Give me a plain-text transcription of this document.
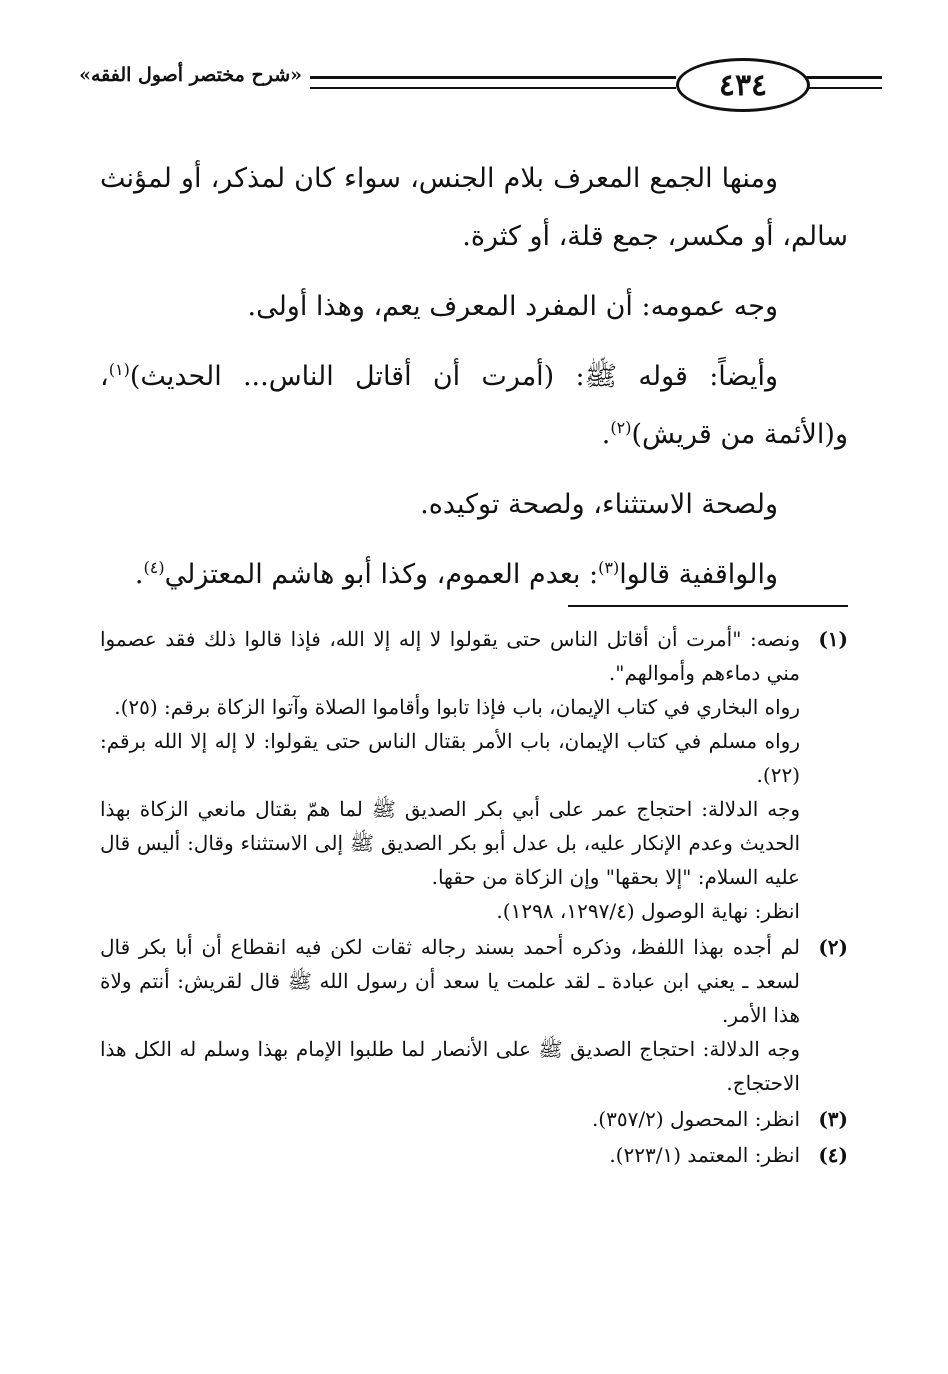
٤٣٤
«شرح مختصر أصول الفقه»

ومنها الجمع المعرف بلام الجنس، سواء كان لمذكر، أو لمؤنث سالم، أو مكسر، جمع قلة، أو كثرة.

وجه عمومه: أن المفرد المعرف يعم، وهذا أولى.

وأيضاً: قوله ﷺ: (أمرت أن أقاتل الناس... الحديث)$^{(١)}$، و(الأئمة من قريش)$^{(٢)}$.

ولصحة الاستثناء، ولصحة توكيده.

والواقفية قالوا$^{(٣)}$: بعدم العموم، وكذا أبو هاشم المعتزلي$^{(٤)}$.

(١)
ونصه: "أمرت أن أقاتل الناس حتى يقولوا لا إله إلا الله، فإذا قالوا ذلك فقد عصموا مني دماءهم وأموالهم".
رواه البخاري في كتاب الإيمان، باب فإذا تابوا وأقاموا الصلاة وآتوا الزكاة برقم: (٢٥).
رواه مسلم في كتاب الإيمان، باب الأمر بقتال الناس حتى يقولوا: لا إله إلا الله برقم: (٢٢).
وجه الدلالة: احتجاج عمر على أبي بكر الصديق ﷺ لما همّ بقتال مانعي الزكاة بهذا الحديث وعدم الإنكار عليه، بل عدل أبو بكر الصديق ﷺ إلى الاستثناء وقال: أليس قال عليه السلام: "إلا بحقها" وإن الزكاة من حقها.
انظر: نهاية الوصول (١٢٩٧/٤، ١٢٩٨).
(٢)
لم أجده بهذا اللفظ، وذكره أحمد بسند رجاله ثقات لكن فيه انقطاع أن أبا بكر قال لسعد ـ يعني ابن عبادة ـ لقد علمت يا سعد أن رسول الله ﷺ قال لقريش: أنتم ولاة هذا الأمر.
وجه الدلالة: احتجاج الصديق ﷺ على الأنصار لما طلبوا الإمام بهذا وسلم له الكل هذا الاحتجاج.
(٣)
انظر: المحصول (٣٥٧/٢).
(٤)
انظر: المعتمد (٢٢٣/١).
